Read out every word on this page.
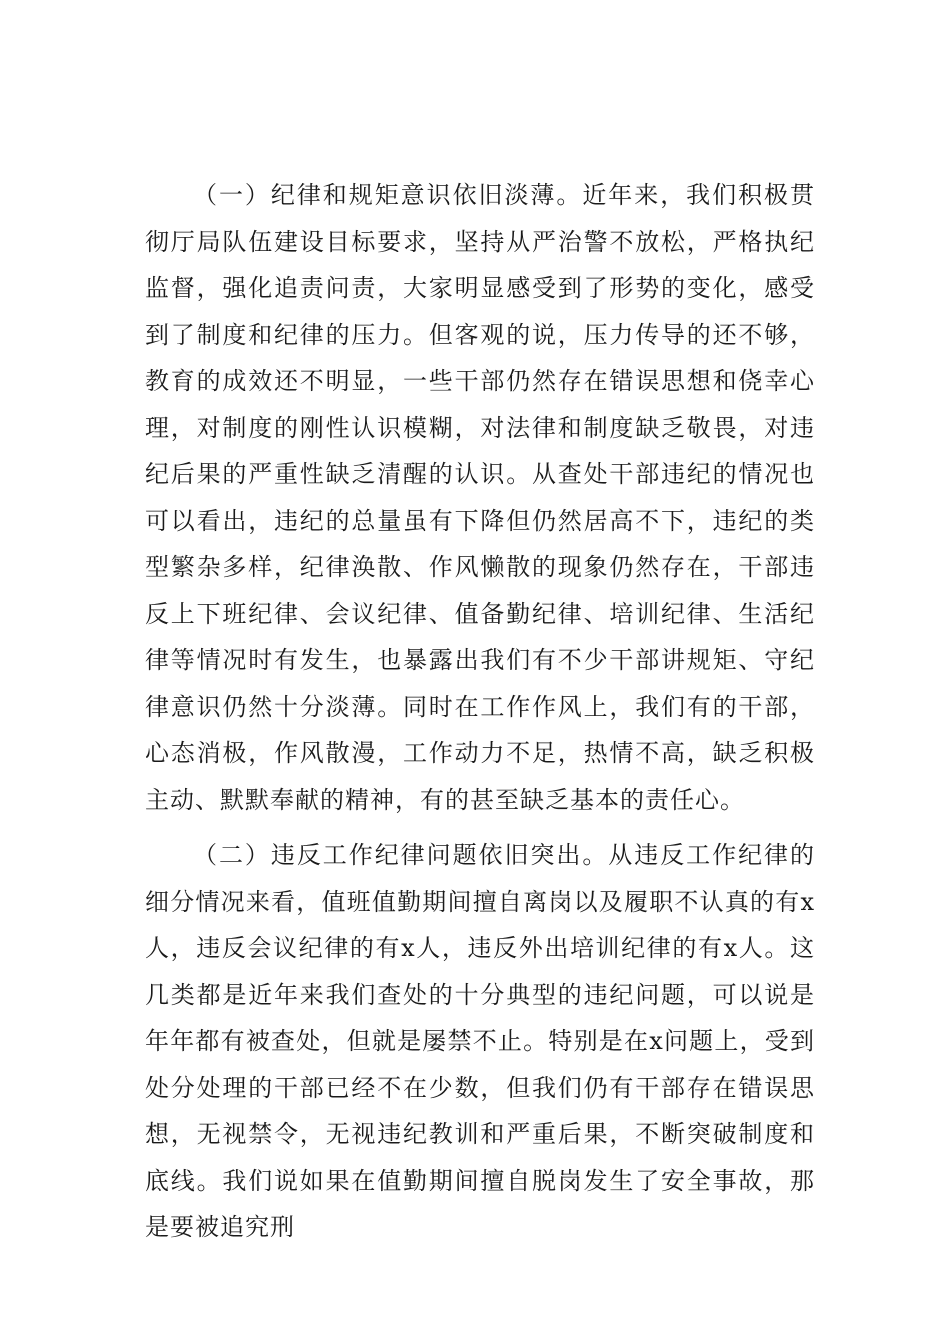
（一）纪律和规矩意识依旧淡薄。近年来，我们积极贯彻厅局队伍建设目标要求，坚持从严治警不放松，严格执纪监督，强化追责问责，大家明显感受到了形势的变化，感受到了制度和纪律的压力。但客观的说，压力传导的还不够，教育的成效还不明显，一些干部仍然存在错误思想和侥幸心理，对制度的刚性认识模糊，对法律和制度缺乏敬畏，对违纪后果的严重性缺乏清醒的认识。从查处干部违纪的情况也可以看出，违纪的总量虽有下降但仍然居高不下，违纪的类型繁杂多样，纪律涣散、作风懒散的现象仍然存在，干部违反上下班纪律、会议纪律、值备勤纪律、培训纪律、生活纪律等情况时有发生，也暴露出我们有不少干部讲规矩、守纪律意识仍然十分淡薄。同时在工作作风上，我们有的干部，心态消极，作风散漫，工作动力不足，热情不高，缺乏积极主动、默默奉献的精神，有的甚至缺乏基本的责任心。

（二）违反工作纪律问题依旧突出。从违反工作纪律的细分情况来看，值班值勤期间擅自离岗以及履职不认真的有x人，违反会议纪律的有x人，违反外出培训纪律的有x人。这几类都是近年来我们查处的十分典型的违纪问题，可以说是年年都有被查处，但就是屡禁不止。特别是在x问题上，受到处分处理的干部已经不在少数，但我们仍有干部存在错误思想，无视禁令，无视违纪教训和严重后果，不断突破制度和底线。我们说如果在值勤期间擅自脱岗发生了安全事故，那是要被追究刑
